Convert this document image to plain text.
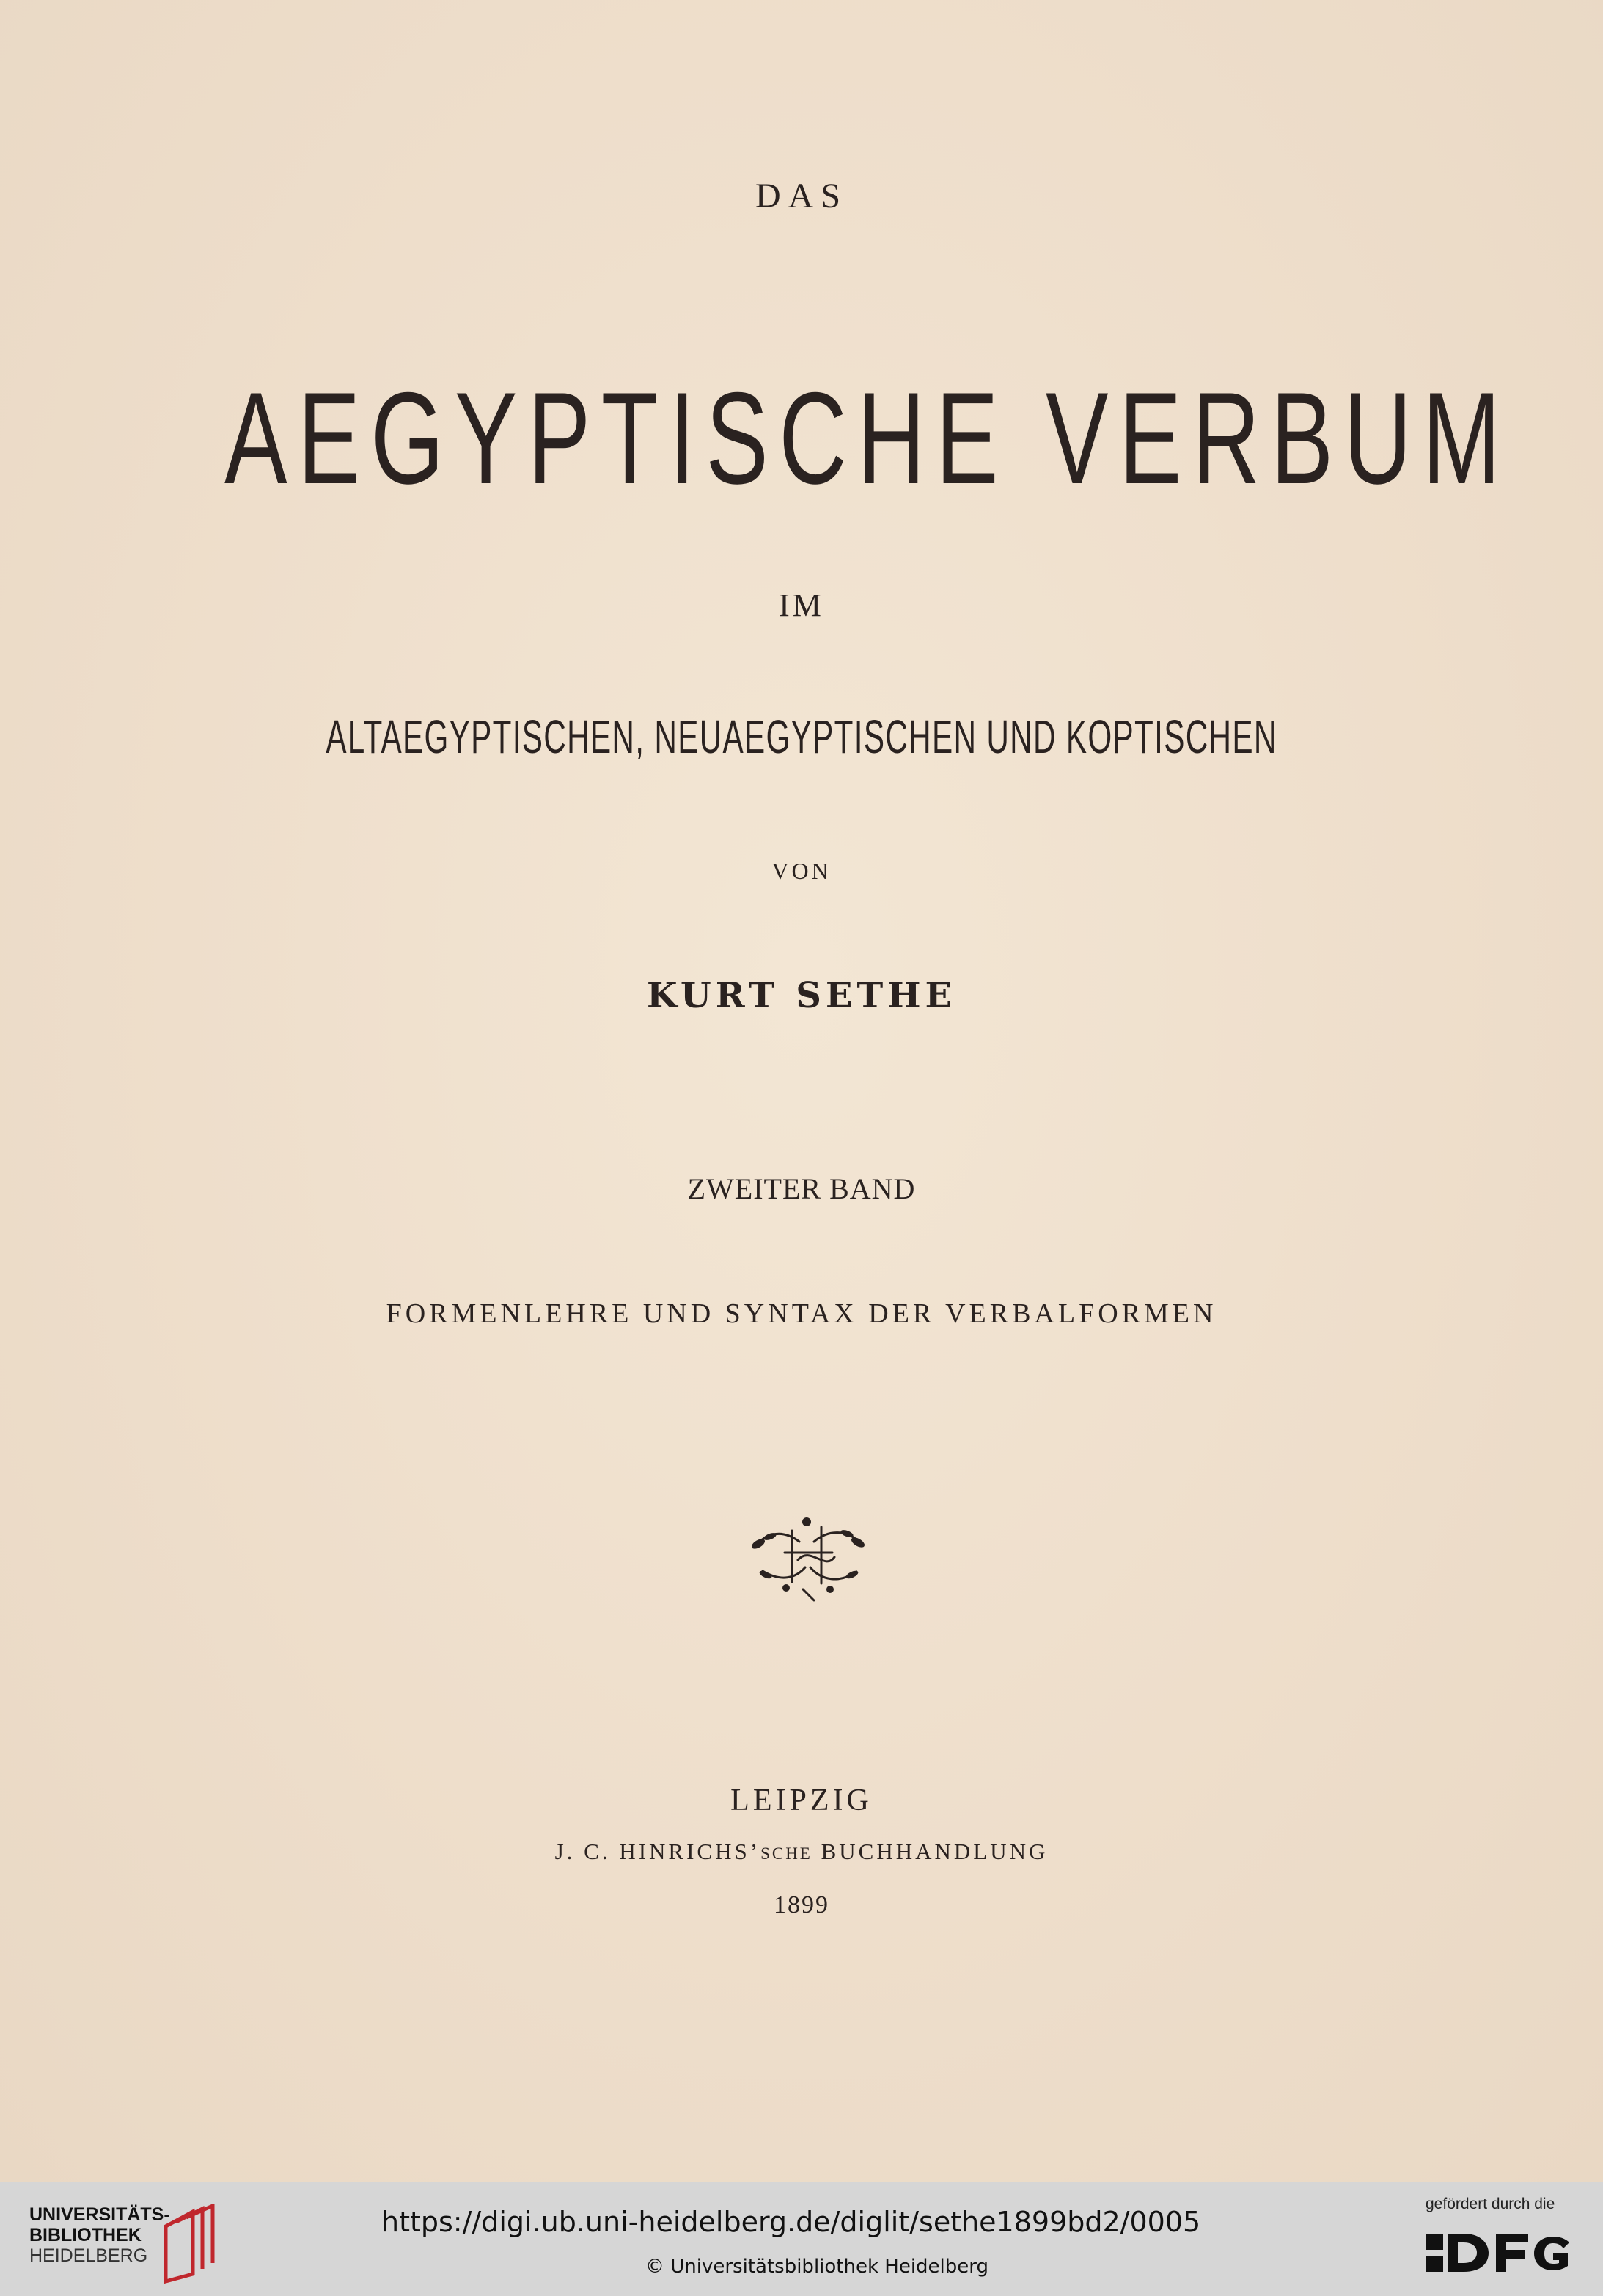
DAS
AEGYPTISCHE VERBUM
IM
ALTAEGYPTISCHEN, NEUAEGYPTISCHEN UND KOPTISCHEN
VON
KURT SETHE
ZWEITER BAND
FORMENLEHRE UND SYNTAX DER VERBALFORMEN
LEIPZIG
J. C. HINRICHS’SCHE BUCHHANDLUNG
1899
UNIVERSITÄTS-
BIBLIOTHEK
HEIDELBERG
https://digi.ub.uni-heidelberg.de/diglit/sethe1899bd2/0005
© Universitätsbibliothek Heidelberg
gefördert durch die
